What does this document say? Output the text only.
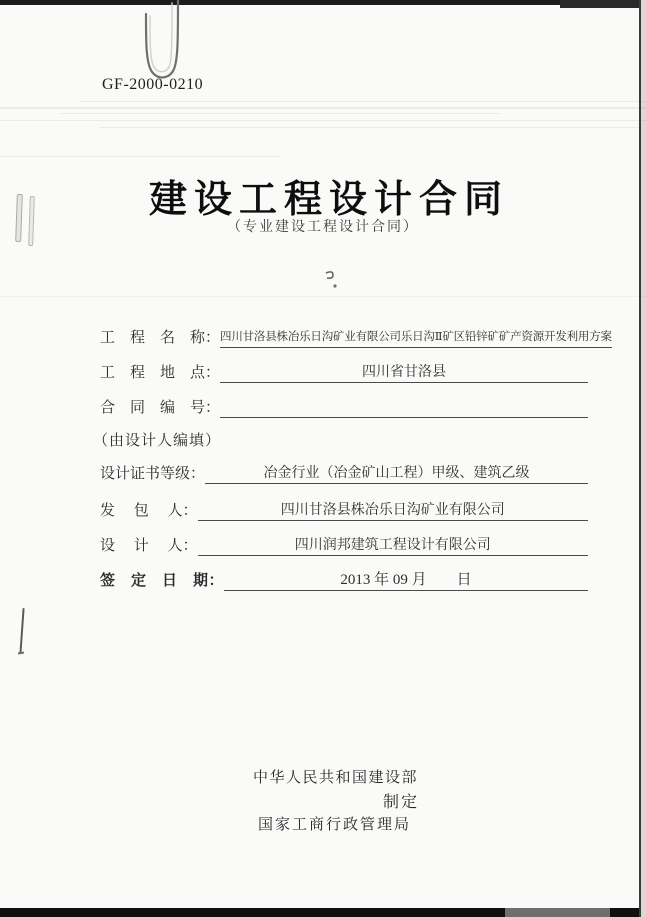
GF-2000-0210
建设工程设计合同
（专业建设工程设计合同）
工　程　名　称： 四川甘洛县株冶乐日沟矿业有限公司乐日沟Ⅱ矿区铅锌矿矿产资源开发利用方案
工　程　地　点：	四川省甘洛县
合　同　编　号：
（由设计人编填）
设计证书等级：	冶金行业（冶金矿山工程）甲级、建筑乙级
发　 包　 人：	四川甘洛县株冶乐日沟矿业有限公司
设　 计　 人：	四川润邦建筑工程设计有限公司
签　定　日　期：	2013 年 09 月　　日
中华人民共和国建设部
制定
国家工商行政管理局
